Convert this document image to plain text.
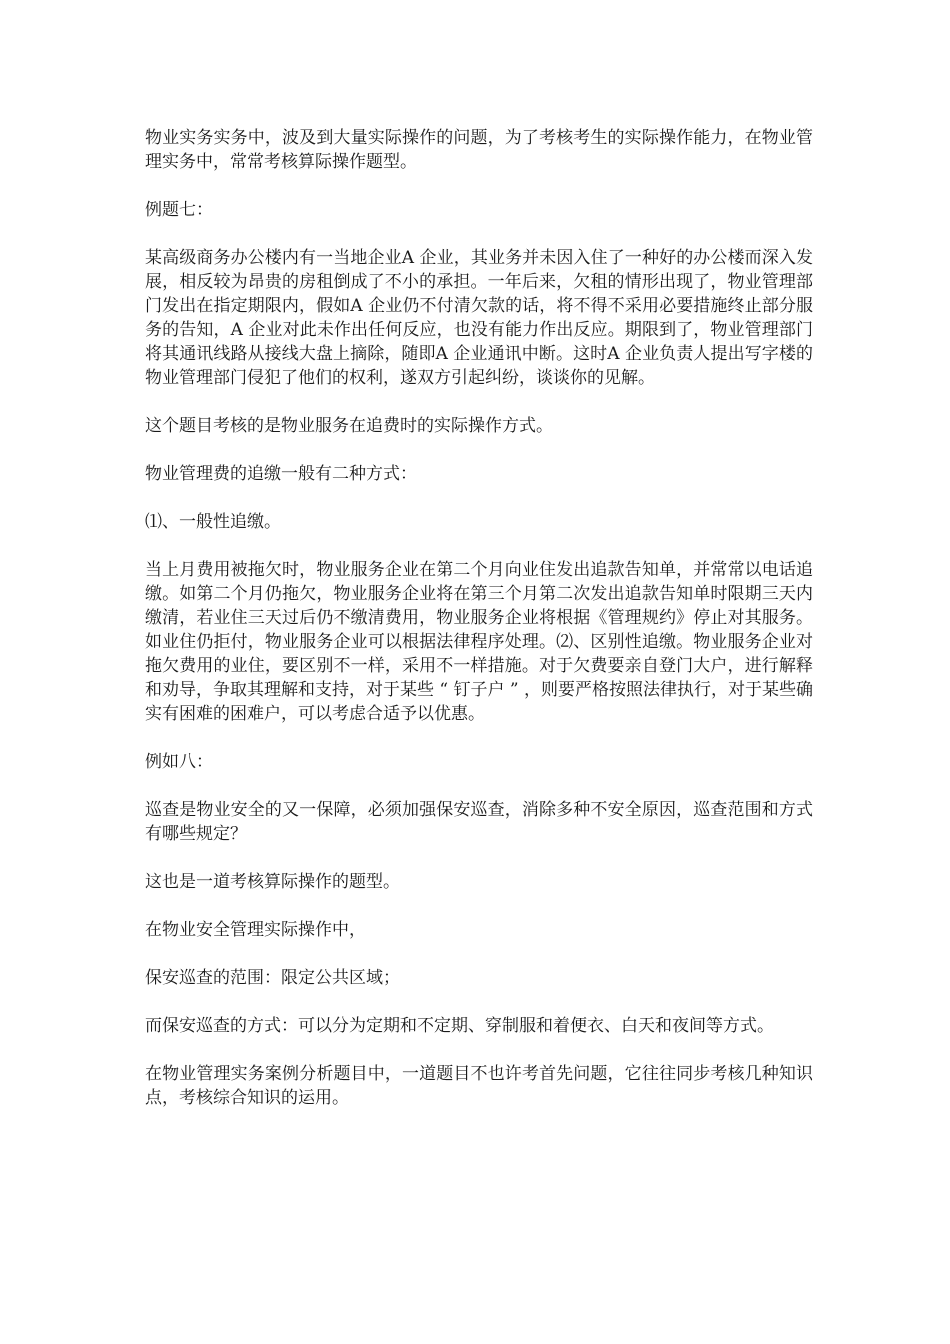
物业实务实务中，波及到大量实际操作的问题，为了考核考生的实际操作能力，在物业管理实务中，常常考核算际操作题型。

例题七：

某高级商务办公楼内有一当地企业A 企业，其业务并未因入住了一种好的办公楼而深入发展，相反较为昂贵的房租倒成了不小的承担。一年后来，欠租的情形出现了，物业管理部门发出在指定期限内，假如A 企业仍不付清欠款的话，将不得不采用必要措施终止部分服务的告知，A 企业对此未作出任何反应，也没有能力作出反应。期限到了，物业管理部门将其通讯线路从接线大盘上摘除，随即A 企业通讯中断。这时A 企业负责人提出写字楼的物业管理部门侵犯了他们的权利，遂双方引起纠纷，谈谈你的见解。

这个题目考核的是物业服务在追费时的实际操作方式。

物业管理费的追缴一般有二种方式：

⑴、一般性追缴。

当上月费用被拖欠时，物业服务企业在第二个月向业住发出追款告知单，并常常以电话追缴。如第二个月仍拖欠，物业服务企业将在第三个月第二次发出追款告知单时限期三天内缴清，若业住三天过后仍不缴清费用，物业服务企业将根据《管理规约》停止对其服务。如业住仍拒付，物业服务企业可以根据法律程序处理。⑵、区别性追缴。物业服务企业对拖欠费用的业住，要区别不一样，采用不一样措施。对于欠费要亲自登门大户，进行解释和劝导，争取其理解和支持，对于某些 “ 钉子户 ” ，则要严格按照法律执行，对于某些确实有困难的困难户，可以考虑合适予以优惠。

例如八：

巡查是物业安全的又一保障，必须加强保安巡查，消除多种不安全原因，巡查范围和方式有哪些规定？

这也是一道考核算际操作的题型。

在物业安全管理实际操作中，

保安巡查的范围：限定公共区域；

而保安巡查的方式：可以分为定期和不定期、穿制服和着便衣、白天和夜间等方式。

在物业管理实务案例分析题目中，一道题目不也许考首先问题，它往往同步考核几种知识点，考核综合知识的运用。
